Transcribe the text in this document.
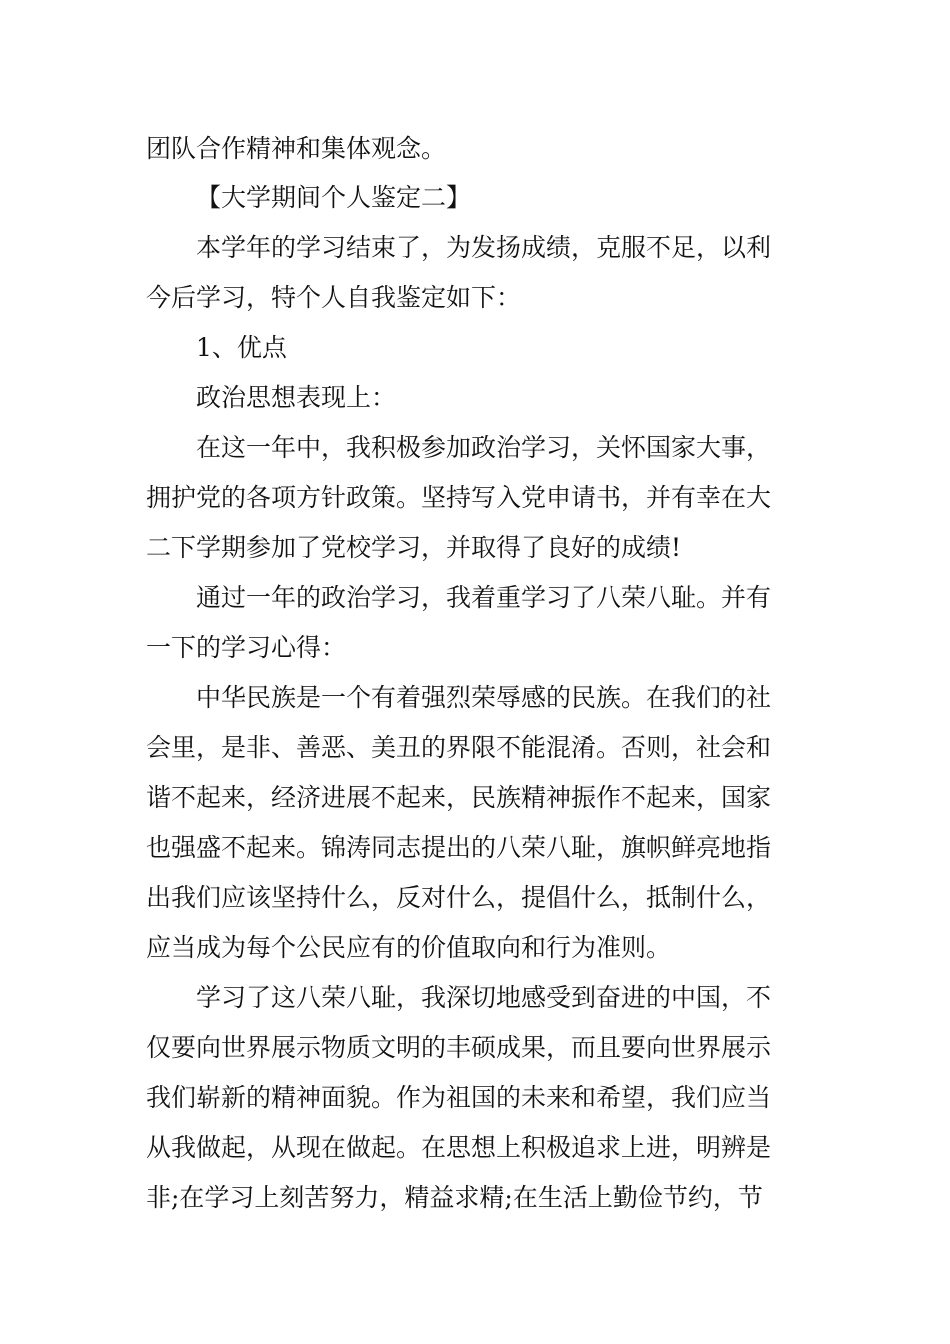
团队合作精神和集体观念。
【大学期间个人鉴定二】
本学年的学习结束了，为发扬成绩，克服不足，以利
今后学习，特个人自我鉴定如下：
1、优点
政治思想表现上：
在这一年中，我积极参加政治学习，关怀国家大事，
拥护党的各项方针政策。坚持写入党申请书，并有幸在大
二下学期参加了党校学习，并取得了良好的成绩!
通过一年的政治学习，我着重学习了八荣八耻。并有
一下的学习心得：
中华民族是一个有着强烈荣辱感的民族。在我们的社
会里，是非、善恶、美丑的界限不能混淆。否则，社会和
谐不起来，经济进展不起来，民族精神振作不起来，国家
也强盛不起来。锦涛同志提出的八荣八耻，旗帜鲜亮地指
出我们应该坚持什么，反对什么，提倡什么，抵制什么，
应当成为每个公民应有的价值取向和行为准则。
学习了这八荣八耻，我深切地感受到奋进的中国，不
仅要向世界展示物质文明的丰硕成果，而且要向世界展示
我们崭新的精神面貌。作为祖国的未来和希望，我们应当
从我做起，从现在做起。在思想上积极追求上进，明辨是
非;在学习上刻苦努力，精益求精;在生活上勤俭节约，节
